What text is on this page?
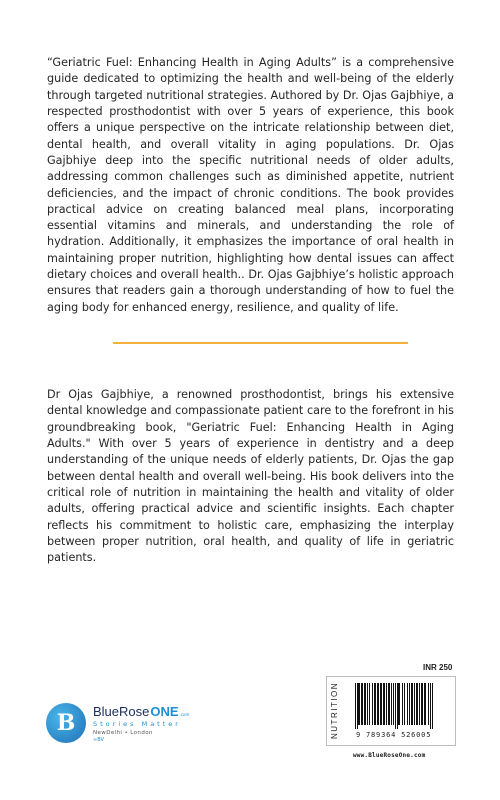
“Geriatric Fuel: Enhancing Health in Aging Adults” is a comprehensive guide dedicated to optimizing the health and well-being of the elderly through targeted nutritional strategies. Authored by Dr. Ojas Gajbhiye, a respected prosthodontist with over 5 years of experience, this book offers a unique perspective on the intricate relationship between diet, dental health, and overall vitality in aging populations. Dr. Ojas Gajbhiye deep into the specific nutritional needs of older adults, addressing common challenges such as diminished appetite, nutrient deficiencies, and the impact of chronic conditions. The book provides practical advice on creating balanced meal plans, incorporating essential vitamins and minerals, and understanding the role of hydration. Additionally, it emphasizes the importance of oral health in maintaining proper nutrition, highlighting how dental issues can affect dietary choices and overall health.. Dr. Ojas Gajbhiye’s holistic approach ensures that readers gain a thorough understanding of how to fuel the aging body for enhanced energy, resilience, and quality of life.

Dr Ojas Gajbhiye, a renowned prosthodontist, brings his extensive dental knowledge and compassionate patient care to the forefront in his groundbreaking book, "Geriatric Fuel: Enhancing Health in Aging Adults." With over 5 years of experience in dentistry and a deep understanding of the unique needs of elderly patients, Dr. Ojas the gap between dental health and overall well-being. His book delivers into the critical role of nutrition in maintaining the health and vitality of older adults, offering practical advice and scientific insights. Each chapter reflects his commitment to holistic care, emphasizing the interplay between proper nutrition, oral health, and quality of life in geriatric patients.

B	BlueRose ONE .com
Stories Matter
NewDelhi • London
≈BV
INR 250
NUTRITION 9 789364 526005
www.BlueRoseOne.com
